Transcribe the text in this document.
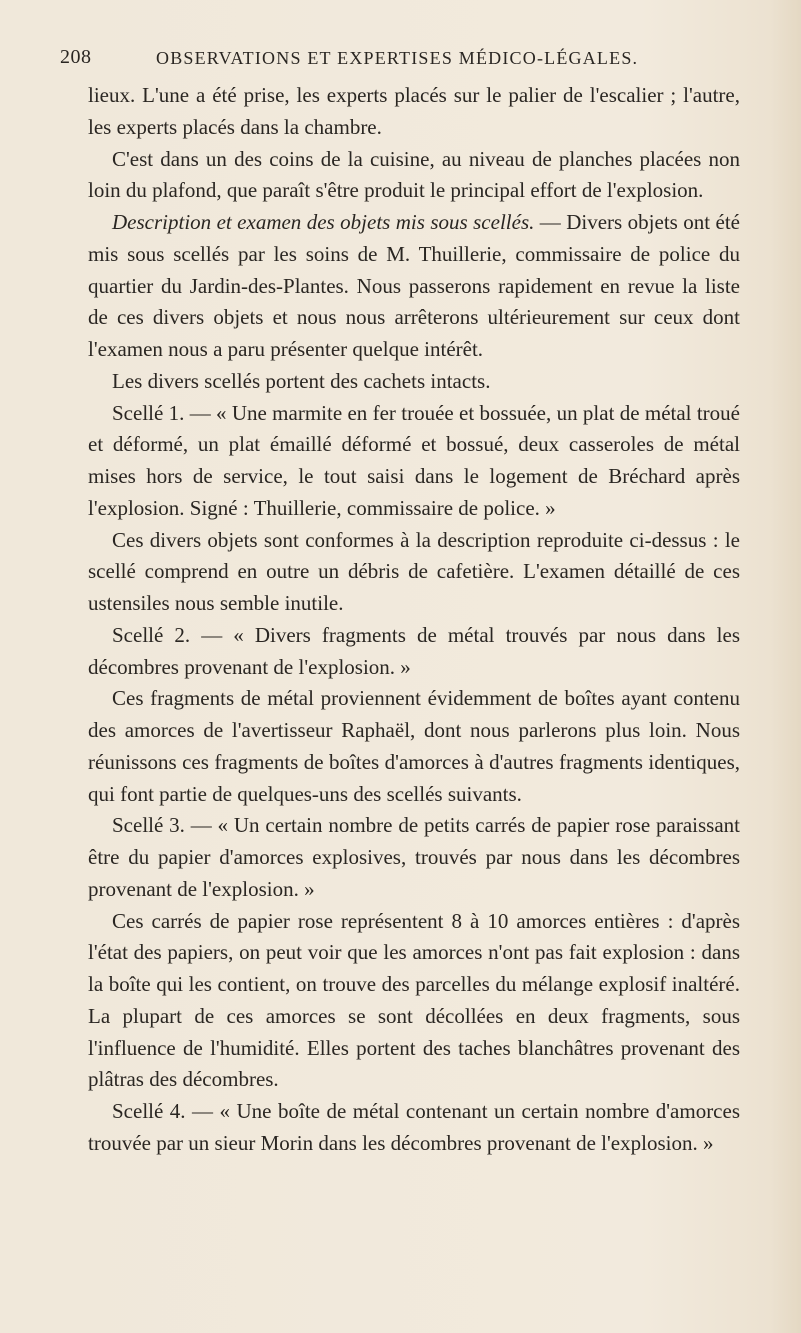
208	OBSERVATIONS ET EXPERTISES MÉDICO-LÉGALES.

lieux. L'une a été prise, les experts placés sur le palier de l'escalier ; l'autre, les experts placés dans la chambre.

C'est dans un des coins de la cuisine, au niveau de planches placées non loin du plafond, que paraît s'être produit le principal effort de l'explosion.

Description et examen des objets mis sous scellés. — Divers objets ont été mis sous scellés par les soins de M. Thuillerie, commissaire de police du quartier du Jardin-des-Plantes. Nous passerons rapidement en revue la liste de ces divers objets et nous nous arrêterons ultérieurement sur ceux dont l'examen nous a paru présenter quelque intérêt.

Les divers scellés portent des cachets intacts.

Scellé 1. — « Une marmite en fer trouée et bossuée, un plat de métal troué et déformé, un plat émaillé déformé et bossué, deux casseroles de métal mises hors de service, le tout saisi dans le logement de Bréchard après l'explosion. Signé : Thuillerie, commissaire de police. »

Ces divers objets sont conformes à la description reproduite ci-dessus : le scellé comprend en outre un débris de cafetière. L'examen détaillé de ces ustensiles nous semble inutile.

Scellé 2. — « Divers fragments de métal trouvés par nous dans les décombres provenant de l'explosion. »

Ces fragments de métal proviennent évidemment de boîtes ayant contenu des amorces de l'avertisseur Raphaël, dont nous parlerons plus loin. Nous réunissons ces fragments de boîtes d'amorces à d'autres fragments identiques, qui font partie de quelques-uns des scellés suivants.

Scellé 3. — « Un certain nombre de petits carrés de papier rose paraissant être du papier d'amorces explosives, trouvés par nous dans les décombres provenant de l'explosion. »

Ces carrés de papier rose représentent 8 à 10 amorces entières : d'après l'état des papiers, on peut voir que les amorces n'ont pas fait explosion : dans la boîte qui les contient, on trouve des parcelles du mélange explosif inaltéré. La plupart de ces amorces se sont décollées en deux fragments, sous l'influence de l'humidité. Elles portent des taches blanchâtres provenant des plâtras des décombres.

Scellé 4. — « Une boîte de métal contenant un certain nombre d'amorces trouvée par un sieur Morin dans les décombres provenant de l'explosion. »
